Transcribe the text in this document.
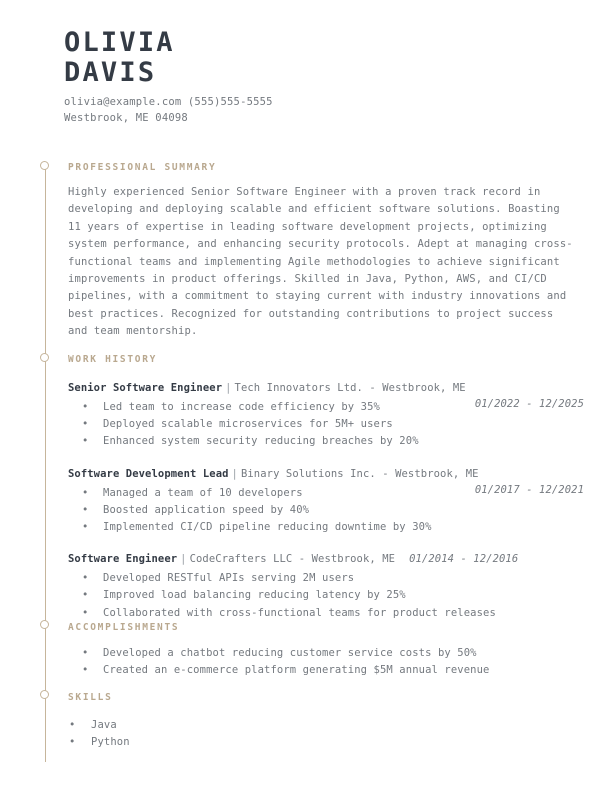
OLIVIA
DAVIS
olivia@example.com (555)555-5555
Westbrook, ME 04098
PROFESSIONAL SUMMARY
Highly experienced Senior Software Engineer with a proven track record in developing and deploying scalable and efficient software solutions. Boasting 11 years of expertise in leading software development projects, optimizing system performance, and enhancing security protocols. Adept at managing cross-functional teams and implementing Agile methodologies to achieve significant improvements in product offerings. Skilled in Java, Python, AWS, and CI/CD pipelines, with a commitment to staying current with industry innovations and best practices. Recognized for outstanding contributions to project success and team mentorship.
WORK HISTORY
Senior Software Engineer | Tech Innovators Ltd. - Westbrook, ME
01/2022 - 12/2025
• Led team to increase code efficiency by 35%
• Deployed scalable microservices for 5M+ users
• Enhanced system security reducing breaches by 20%
Software Development Lead | Binary Solutions Inc. - Westbrook, ME
01/2017 - 12/2021
• Managed a team of 10 developers
• Boosted application speed by 40%
• Implemented CI/CD pipeline reducing downtime by 30%
Software Engineer | CodeCrafters LLC - Westbrook, ME 01/2014 - 12/2016
• Developed RESTful APIs serving 2M users
• Improved load balancing reducing latency by 25%
• Collaborated with cross-functional teams for product releases
ACCOMPLISHMENTS
• Developed a chatbot reducing customer service costs by 50%
• Created an e-commerce platform generating $5M annual revenue
SKILLS
• Java
• Python
